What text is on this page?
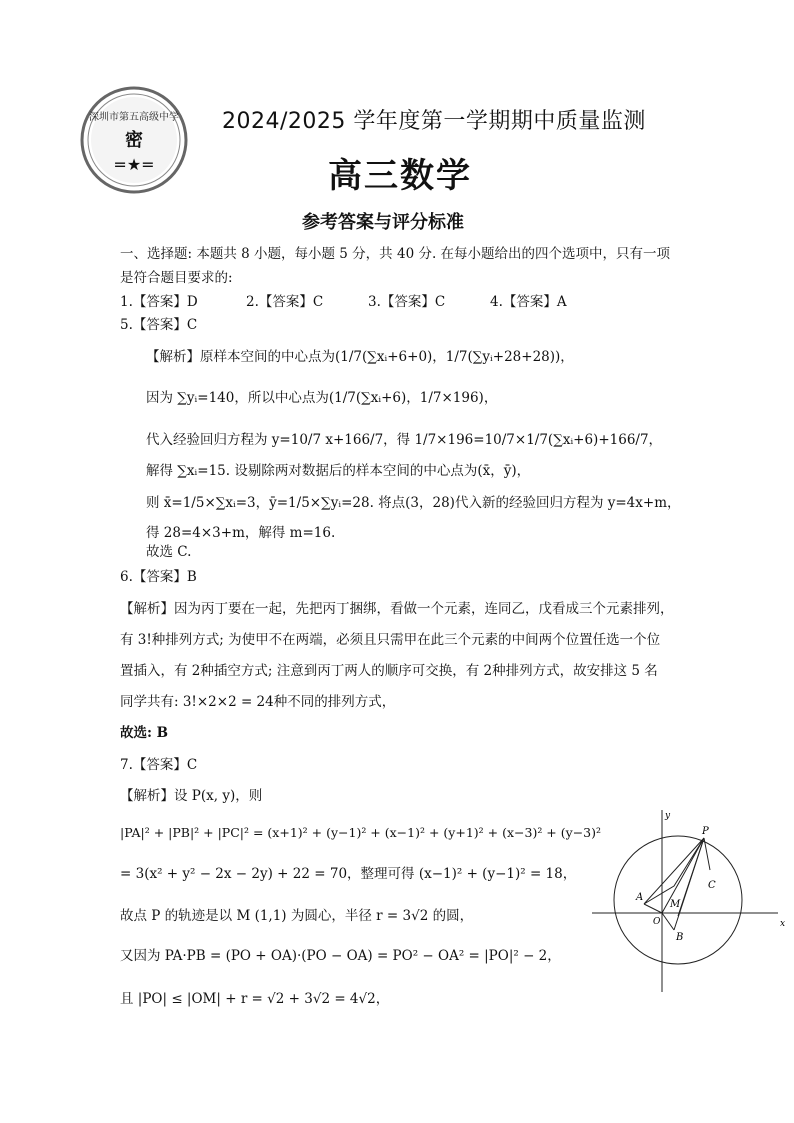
深圳市第五高级中学
密
=★=
2024/2025 学年度第一学期期中质量监测
高三数学
参考答案与评分标准
一、选择题: 本题共 8 小题，每小题 5 分，共 40 分. 在每小题给出的四个选项中，只有一项
是符合题目要求的:
1.【答案】D	2.【答案】C	3.【答案】C	4.【答案】A
5.【答案】C
【解析】原样本空间的中心点为(1/7(∑xᵢ+6+0)，1/7(∑yᵢ+28+28))，
因为 ∑yᵢ=140，所以中心点为(1/7(∑xᵢ+6)，1/7×196)，
代入经验回归方程为 y=10/7 x+166/7，得 1/7×196=10/7×1/7(∑xᵢ+6)+166/7，
解得 ∑xᵢ=15. 设剔除两对数据后的样本空间的中心点为(x̄，ȳ)，
则 x̄=1/5×∑xᵢ=3，ȳ=1/5×∑yᵢ=28. 将点(3，28)代入新的经验回归方程为 y=4x+m，
得 28=4×3+m，解得 m=16.
故选 C.
6.【答案】B
【解析】因为丙丁要在一起，先把丙丁捆绑，看做一个元素，连同乙，戊看成三个元素排列，
有 3!种排列方式; 为使甲不在两端，必须且只需甲在此三个元素的中间两个位置任选一个位
置插入，有 2种插空方式; 注意到丙丁两人的顺序可交换，有 2种排列方式，故安排这 5 名
同学共有: 3!×2×2 = 24种不同的排列方式，
故选: B
7.【答案】C
【解析】设 P(x, y)，则
|PA|² + |PB|² + |PC|² = (x+1)² + (y−1)² + (x−1)² + (y+1)² + (x−3)² + (y−3)²
= 3(x² + y² − 2x − 2y) + 22 = 70，整理可得 (x−1)² + (y−1)² = 18，
故点 P 的轨迹是以 M (1,1) 为圆心，半径 r = 3√2 的圆，
又因为 PA·PB = (PO + OA)·(PO − OA) = PO² − OA² = |PO|² − 2，
且 |PO| ≤ |OM| + r = √2 + 3√2 = 4√2，
x
y
P
C
A
M
O
B
